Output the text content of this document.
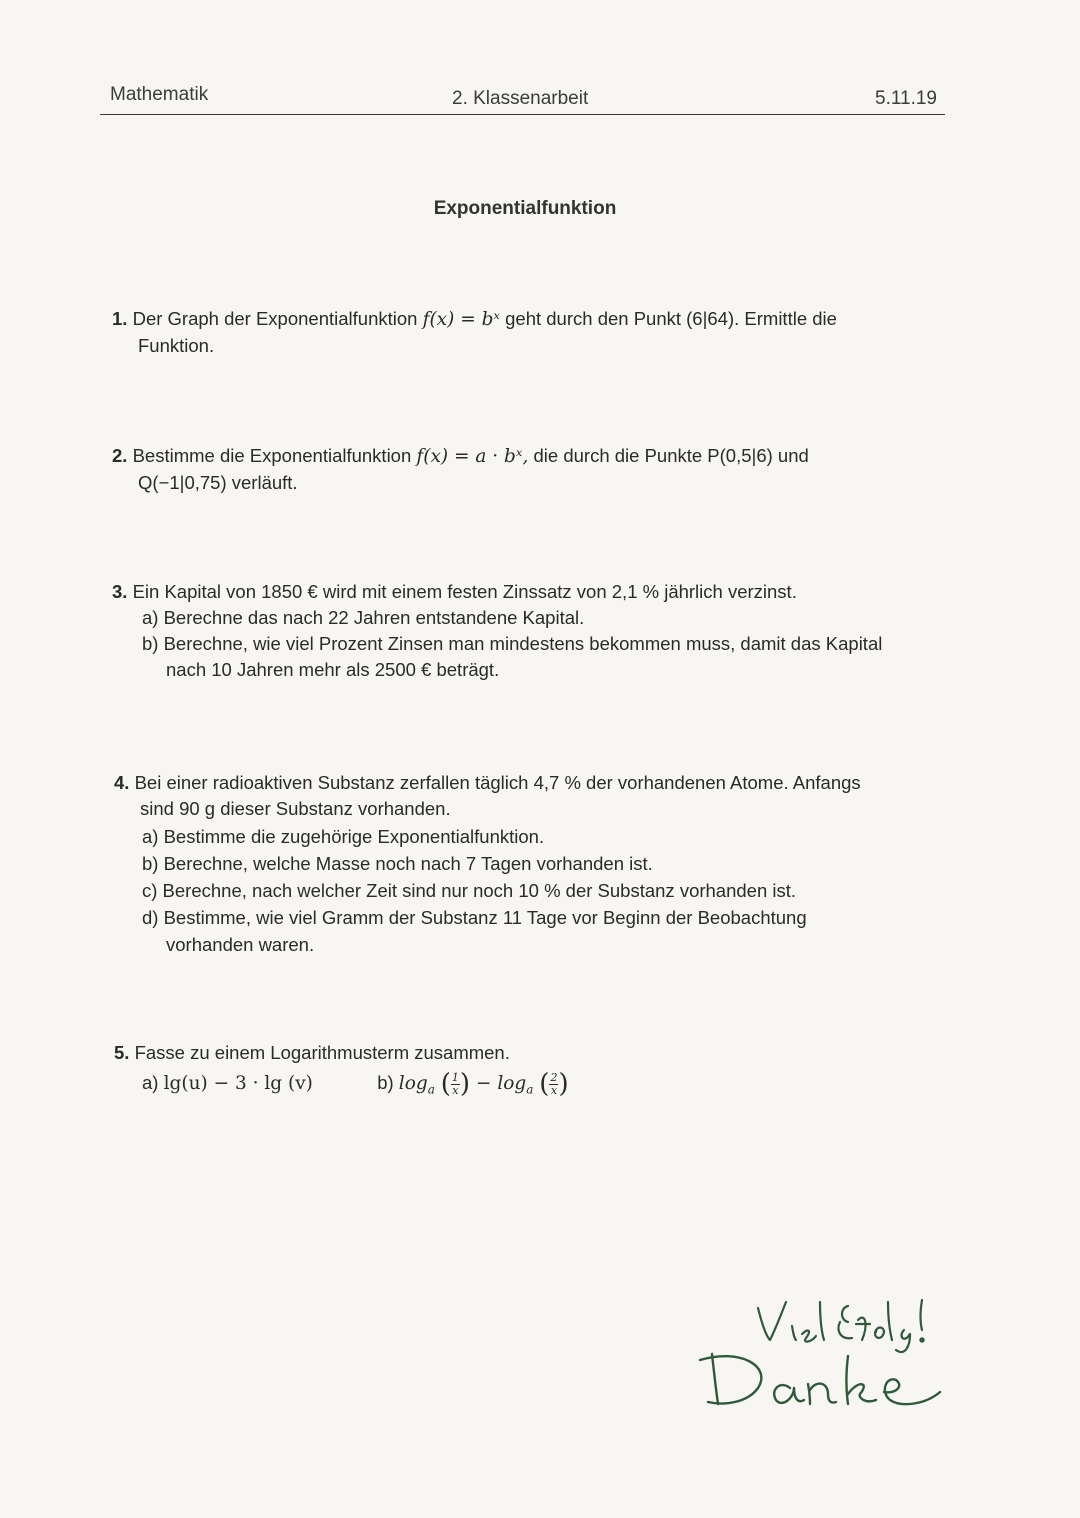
Mathematik	2. Klassenarbeit	5.11.19
Exponentialfunktion
1. Der Graph der Exponentialfunktion f(x) = bˣ geht durch den Punkt (6|64). Ermittle die
Funktion.
2. Bestimme die Exponentialfunktion f(x) = a · bˣ, die durch die Punkte P(0,5|6) und
Q(−1|0,75) verläuft.
3. Ein Kapital von 1850 € wird mit einem festen Zinssatz von 2,1 % jährlich verzinst.
a) Berechne das nach 22 Jahren entstandene Kapital.
b) Berechne, wie viel Prozent Zinsen man mindestens bekommen muss, damit das Kapital
nach 10 Jahren mehr als 2500 € beträgt.
4. Bei einer radioaktiven Substanz zerfallen täglich 4,7 % der vorhandenen Atome. Anfangs
sind 90 g dieser Substanz vorhanden.
a) Bestimme die zugehörige Exponentialfunktion.
b) Berechne, welche Masse noch nach 7 Tagen vorhanden ist.
c) Berechne, nach welcher Zeit sind nur noch 10 % der Substanz vorhanden ist.
d) Bestimme, wie viel Gramm der Substanz 11 Tage vor Beginn der Beobachtung
vorhanden waren.
5. Fasse zu einem Logarithmusterm zusammen.
a) lg(u) − 3 · lg (v)	b) $\log_a$ ( $\frac{1}{x}$ ) − $\log_a$ ( $\frac{2}{x}$ )
